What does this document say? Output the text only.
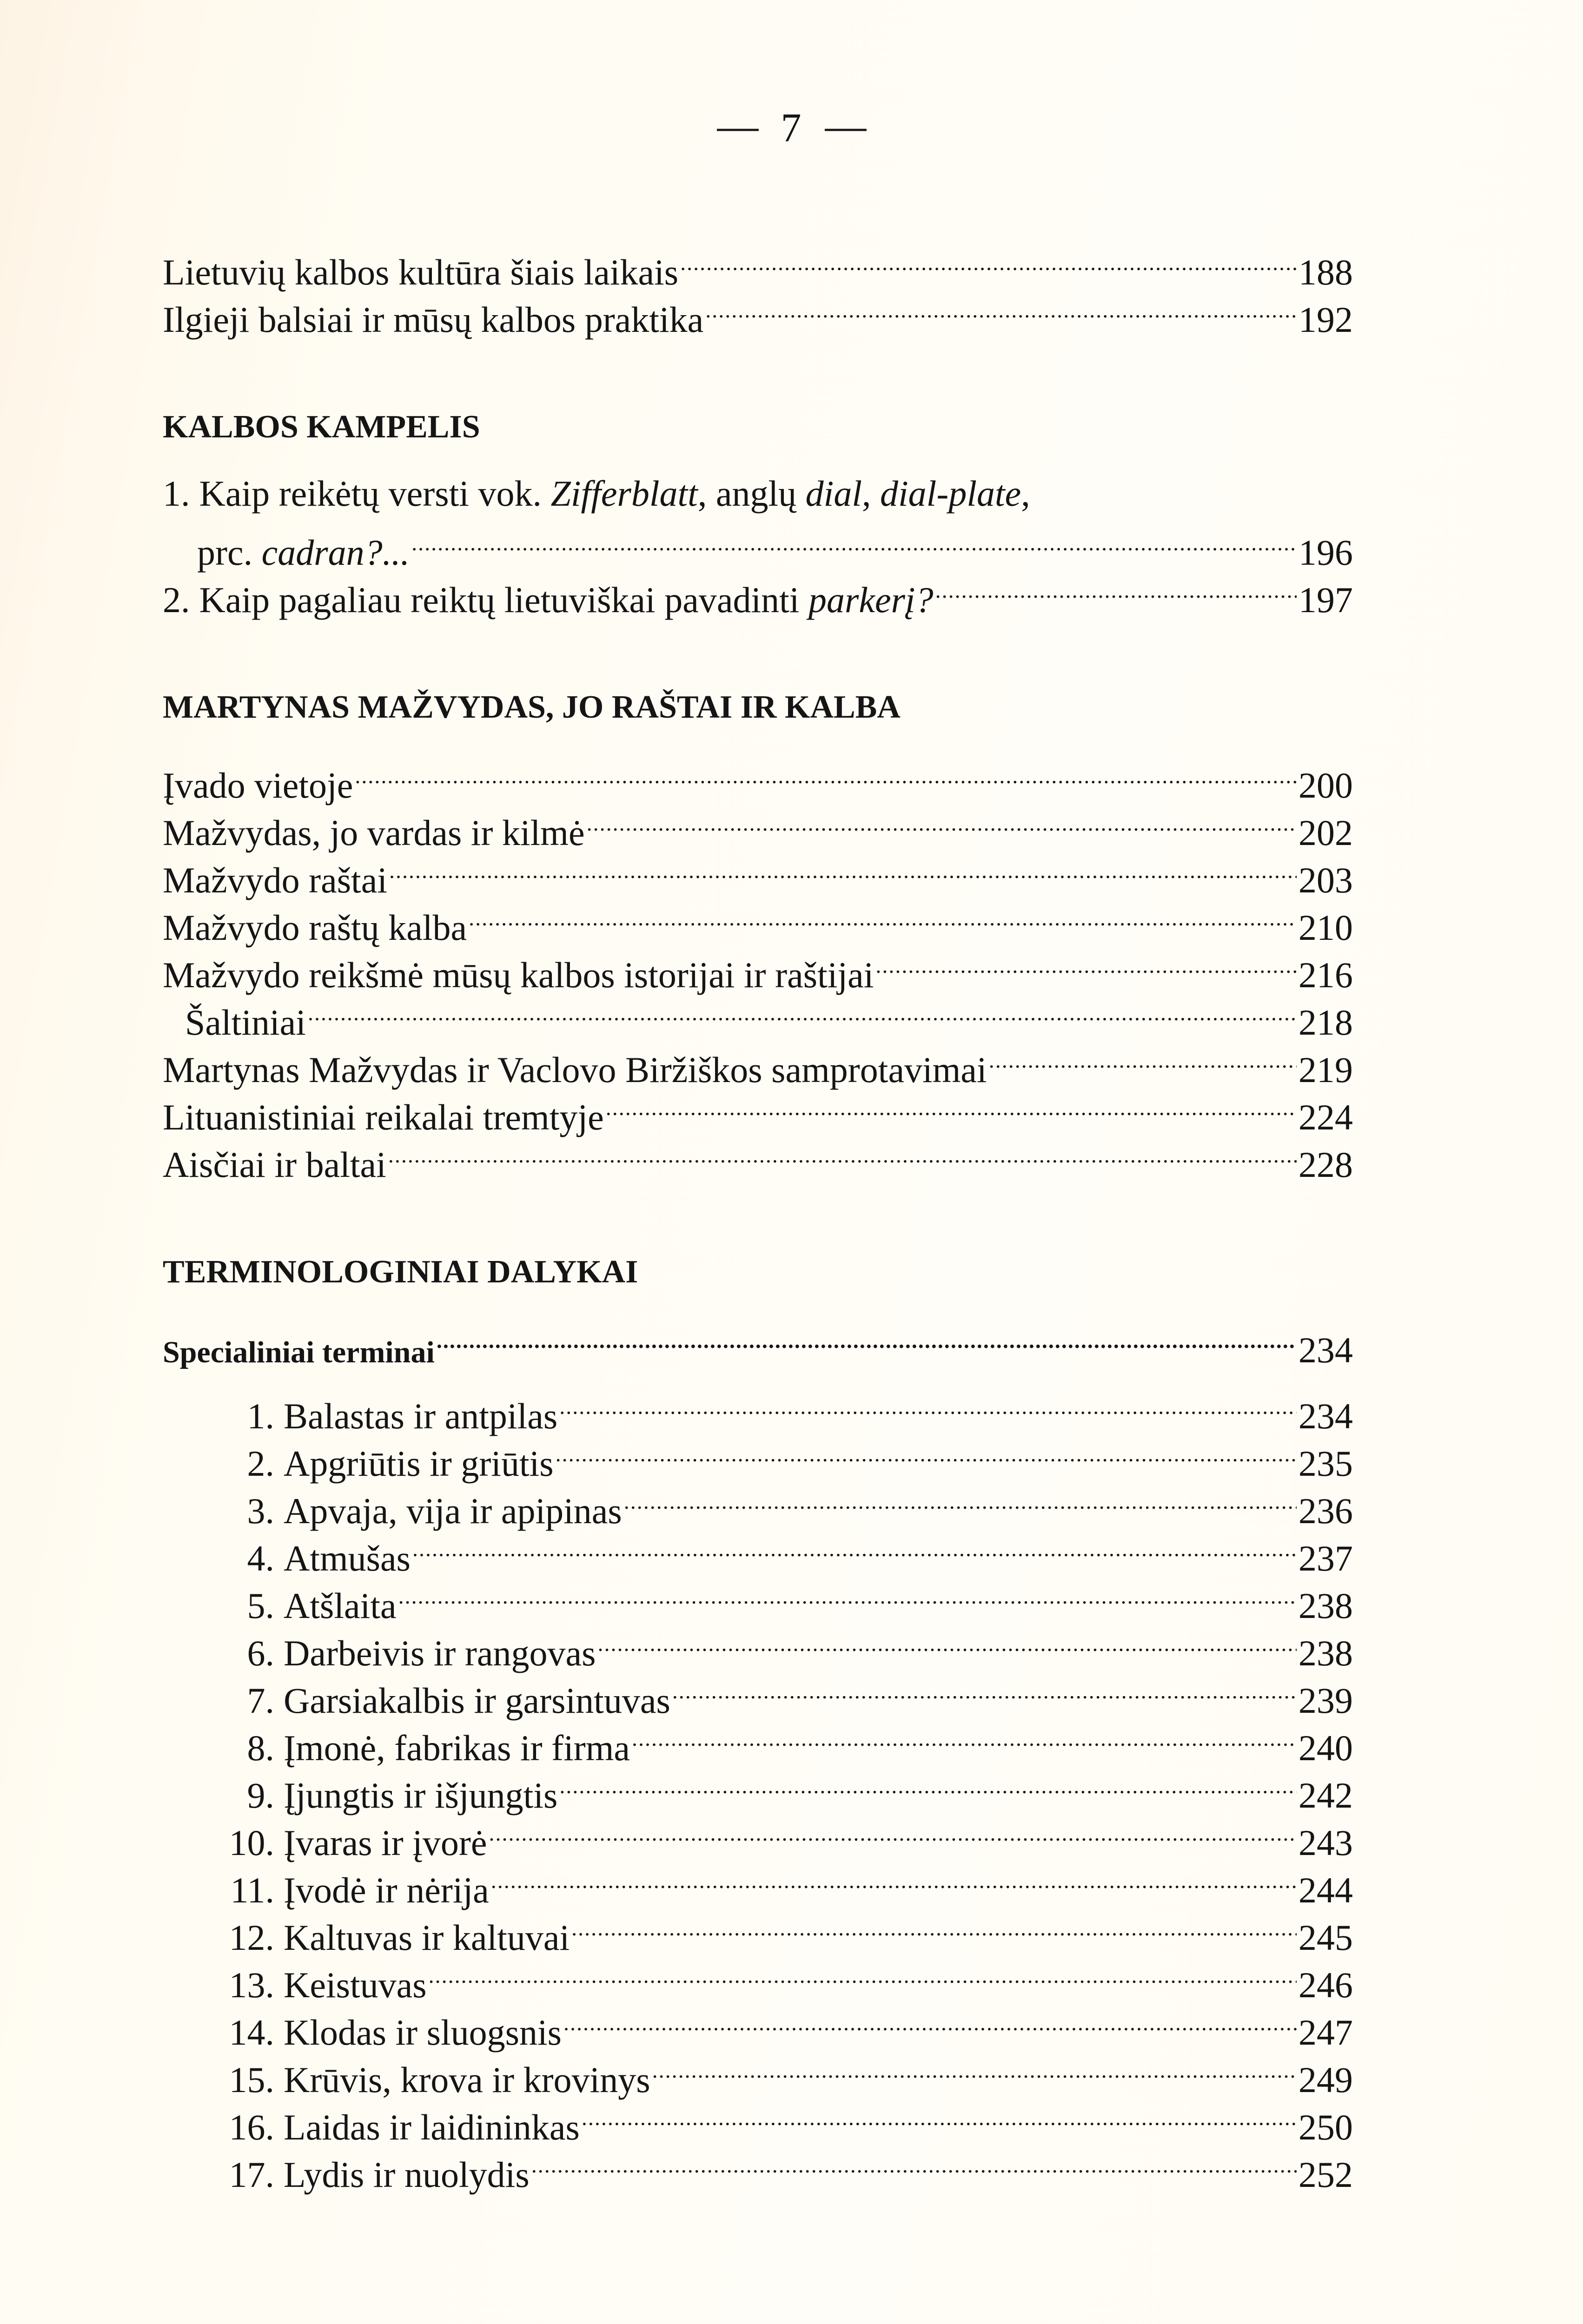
7
Lietuvių kalbos kultūra šiais laikais .....	188
Ilgieji balsiai ir mūsų kalbos praktika .....	192
KALBOS KAMPELIS
1. Kaip reikėtų versti vok. Zifferblatt, anglų dial, dial-plate,
prc. cadran?... .....	196
2. Kaip pagaliau reiktų lietuviškai pavadinti parkerį? .....	197
MARTYNAS MAŽVYDAS, JO RAŠTAI IR KALBA
Įvado vietoje .....	200
Mažvydas, jo vardas ir kilmė .....	202
Mažvydo raštai .....	203
Mažvydo raštų kalba .....	210
Mažvydo reikšmė mūsų kalbos istorijai ir raštijai .....	216
Šaltiniai .....	218
Martynas Mažvydas ir Vaclovo Biržiškos samprotavimai .....	219
Lituanistiniai reikalai tremtyje .....	224
Aisčiai ir baltai .....	228
TERMINOLOGINIAI DALYKAI
Specialiniai terminai .....	234
1. Balastas ir antpilas .....	234
2. Apgriūtis ir griūtis .....	235
3. Apvaja, vija ir apipinas .....	236
4. Atmušas .....	237
5. Atšlaita .....	238
6. Darbeivis ir rangovas .....	238
7. Garsiakalbis ir garsintuvas .....	239
8. Įmonė, fabrikas ir firma .....	240
9. Įjungtis ir išjungtis .....	242
10. Įvaras ir įvorė .....	243
11. Įvodė ir nėrija .....	244
12. Kaltuvas ir kaltuvai .....	245
13. Keistuvas .....	246
14. Klodas ir sluogsnis .....	247
15. Krūvis, krova ir krovinys .....	249
16. Laidas ir laidininkas .....	250
17. Lydis ir nuolydis .....	252
